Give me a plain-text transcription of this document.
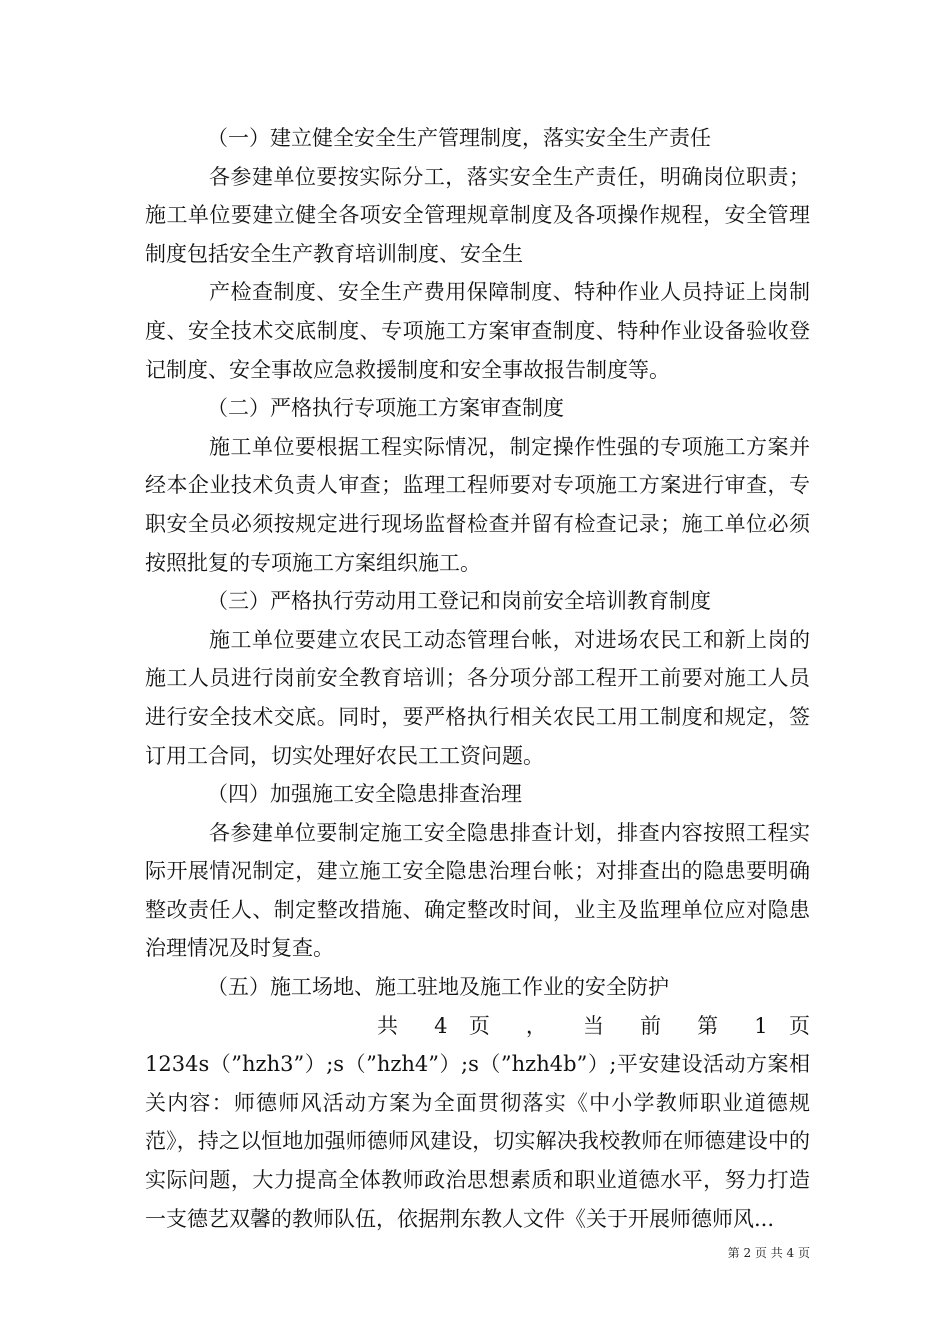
（一）建立健全安全生产管理制度，落实安全生产责任

各参建单位要按实际分工，落实安全生产责任，明确岗位职责；施工单位要建立健全各项安全管理规章制度及各项操作规程，安全管理制度包括安全生产教育培训制度、安全生

产检查制度、安全生产费用保障制度、特种作业人员持证上岗制度、安全技术交底制度、专项施工方案审查制度、特种作业设备验收登记制度、安全事故应急救援制度和安全事故报告制度等。

（二）严格执行专项施工方案审查制度

施工单位要根据工程实际情况，制定操作性强的专项施工方案并经本企业技术负责人审查；监理工程师要对专项施工方案进行审查，专职安全员必须按规定进行现场监督检查并留有检查记录；施工单位必须按照批复的专项施工方案组织施工。

（三）严格执行劳动用工登记和岗前安全培训教育制度

施工单位要建立农民工动态管理台帐，对进场农民工和新上岗的施工人员进行岗前安全教育培训；各分项分部工程开工前要对施工人员进行安全技术交底。同时，要严格执行相关农民工用工制度和规定，签订用工合同，切实处理好农民工工资问题。

（四）加强施工安全隐患排查治理

各参建单位要制定施工安全隐患排查计划，排查内容按照工程实际开展情况制定，建立施工安全隐患治理台帐；对排查出的隐患要明确整改责任人、制定整改措施、确定整改时间，业主及监理单位应对隐患治理情况及时复查。

（五）施工场地、施工驻地及施工作业的安全防护

共 4 页 ， 当 前 第 1 页

1234s（”hzh3”）;s（”hzh4”）;s（”hzh4b”）;平安建设活动方案相关内容：师德师风活动方案为全面贯彻落实《中小学教师职业道德规范》，持之以恒地加强师德师风建设，切实解决我校教师在师德建设中的实际问题，大力提高全体教师政治思想素质和职业道德水平，努力打造一支德艺双馨的教师队伍，依据荆东教人文件《关于开展师德师风...

第 2 页 共 4 页
